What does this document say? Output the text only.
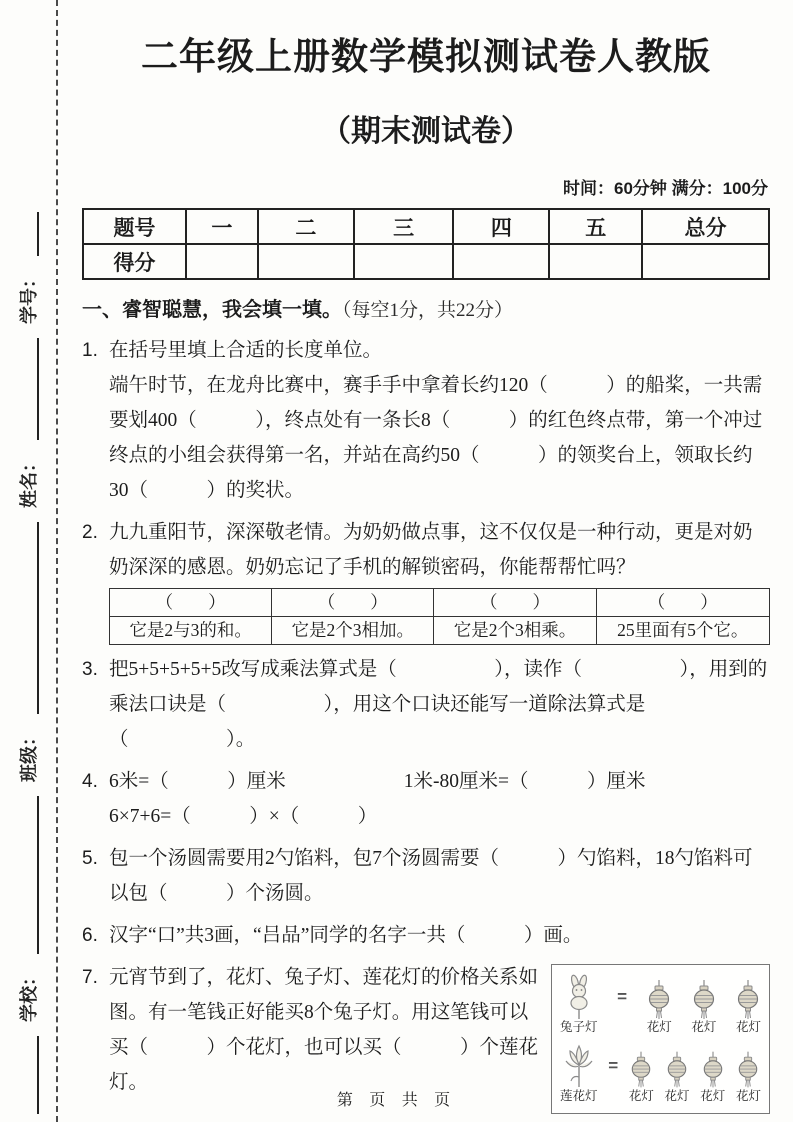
学校：
班级：
姓名：
学号：
二年级上册数学模拟测试卷人教版
（期末测试卷）
时间：60分钟 满分：100分
题号	一	二	三	四	五	总分
得分						
一、睿智聪慧，我会填一填。（每空1分，共22分）
1. 在括号里填上合适的长度单位。
端午时节，在龙舟比赛中，赛手手中拿着长约120（　　　）的船桨，一共需要划400（　　　），终点处有一条长8（　　　）的红色终点带，第一个冲过终点的小组会获得第一名，并站在高约50（　　　）的领奖台上，领取长约30（　　　）的奖状。
2. 九九重阳节，深深敬老情。为奶奶做点事，这不仅仅是一种行动，更是对奶奶深深的感恩。奶奶忘记了手机的解锁密码，你能帮帮忙吗？
（　　）	（　　）	（　　）	（　　）
它是2与3的和。	它是2个3相加。	它是2个3相乘。	25里面有5个它。
3. 把5+5+5+5+5改写成乘法算式是（　　　　　），读作（　　　　　），用到的乘法口诀是（　　　　　），用这个口诀还能写一道除法算式是（　　　　　）。
4. 6米=（　　　）厘米	1米-80厘米=（　　　）厘米
6×7+6=（　　　）×（　　　）
5. 包一个汤圆需要用2勺馅料，包7个汤圆需要（　　　）勺馅料，18勺馅料可以包（　　　）个汤圆。
6. 汉字“口”共3画，“吕品”同学的名字一共（　　　）画。
7. 元宵节到了，花灯、兔子灯、莲花灯的价格关系如图。有一笔钱正好能买8个兔子灯。用这笔钱可以买（　　　）个花灯，也可以买（　　　）个莲花灯。
兔子灯
=
花灯 花灯 花灯
莲花灯
=
花灯 花灯 花灯 花灯
第 页 共 页
